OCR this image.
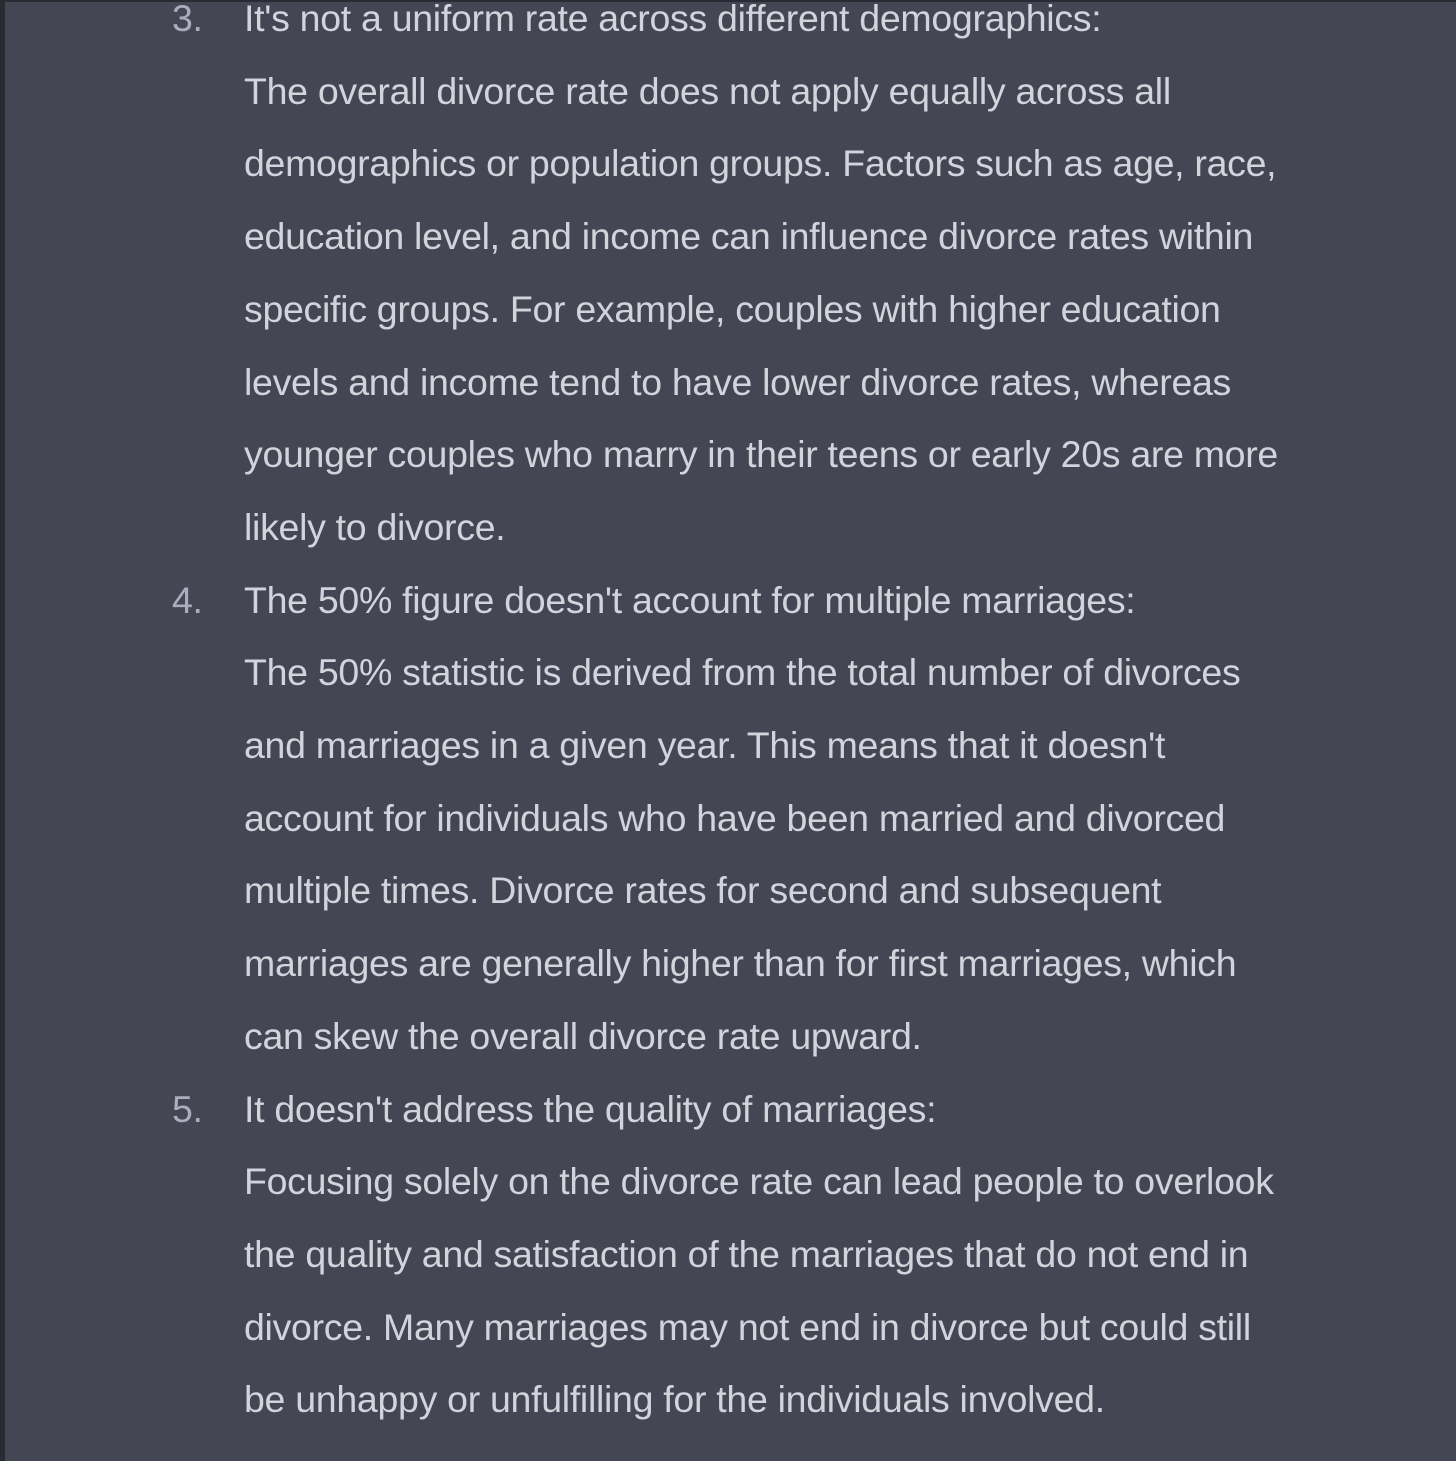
3. It's not a uniform rate across different demographics:
The overall divorce rate does not apply equally across all
demographics or population groups. Factors such as age, race,
education level, and income can influence divorce rates within
specific groups. For example, couples with higher education
levels and income tend to have lower divorce rates, whereas
younger couples who marry in their teens or early 20s are more
likely to divorce.
4. The 50% figure doesn't account for multiple marriages:
The 50% statistic is derived from the total number of divorces
and marriages in a given year. This means that it doesn't
account for individuals who have been married and divorced
multiple times. Divorce rates for second and subsequent
marriages are generally higher than for first marriages, which
can skew the overall divorce rate upward.
5. It doesn't address the quality of marriages:
Focusing solely on the divorce rate can lead people to overlook
the quality and satisfaction of the marriages that do not end in
divorce. Many marriages may not end in divorce but could still
be unhappy or unfulfilling for the individuals involved.
